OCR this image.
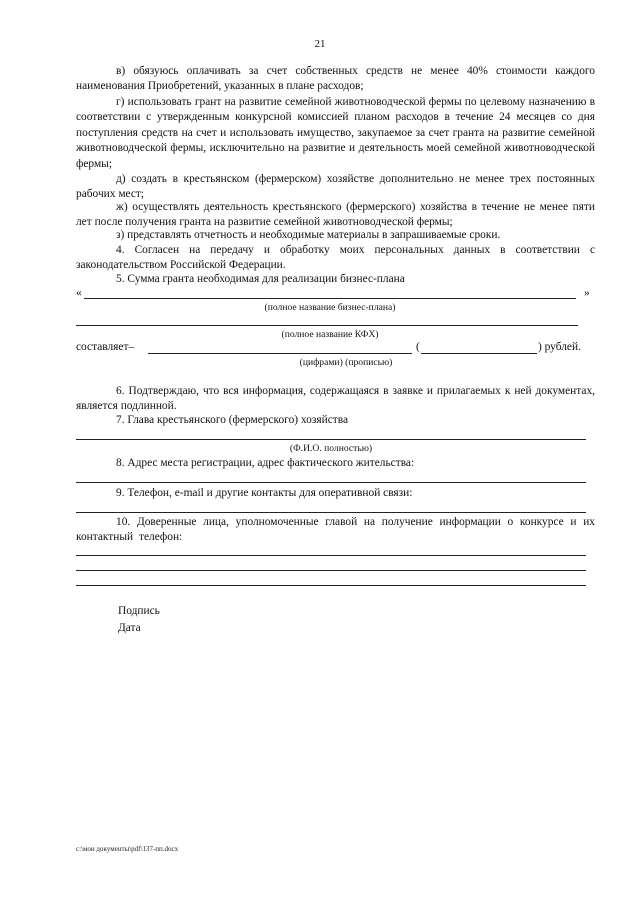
21
в) обязуюсь оплачивать за счет собственных средств не менее 40% стоимости каждого наименования Приобретений, указанных в плане расходов;
г) использовать грант на развитие семейной животноводческой фермы по целевому назначению в соответствии с утвержденным конкурсной комиссией планом расходов в течение 24 месяцев со дня поступления средств на счет и использовать имущество, закупаемое за счет гранта на развитие семейной животноводческой фермы, исключительно на развитие и деятельность моей семейной животноводческой фермы;
д) создать в крестьянском (фермерском) хозяйстве дополнительно не менее трех постоянных рабочих мест;
ж) осуществлять деятельность крестьянского (фермерского) хозяйства в течение не менее пяти лет после получения гранта на развитие семейной животноводческой фермы;
з) представлять отчетность и необходимые материалы в запрашиваемые сроки.
4. Согласен на передачу и обработку моих персональных данных в соответствии с законодательством Российской Федерации.
5. Сумма гранта необходимая для реализации бизнес-плана
«	»
(полное название бизнес-плана)
(полное название КФХ)
составляет–	(	) рублей.
(цифрами) (прописью)
6. Подтверждаю, что вся информация, содержащаяся в заявке и прилагаемых к ней документах, является подлинной.
7. Глава крестьянского (фермерского) хозяйства
(Ф.И.О. полностью)
8. Адрес места регистрации, адрес фактического жительства:
9. Телефон, e-mail и другие контакты для оперативной связи:
10. Доверенные лица, уполномоченные главой на получение информации о конкурсе и их контактный телефон:
Подпись
Дата
c:\мои документы\pdf\137-пп.docx
